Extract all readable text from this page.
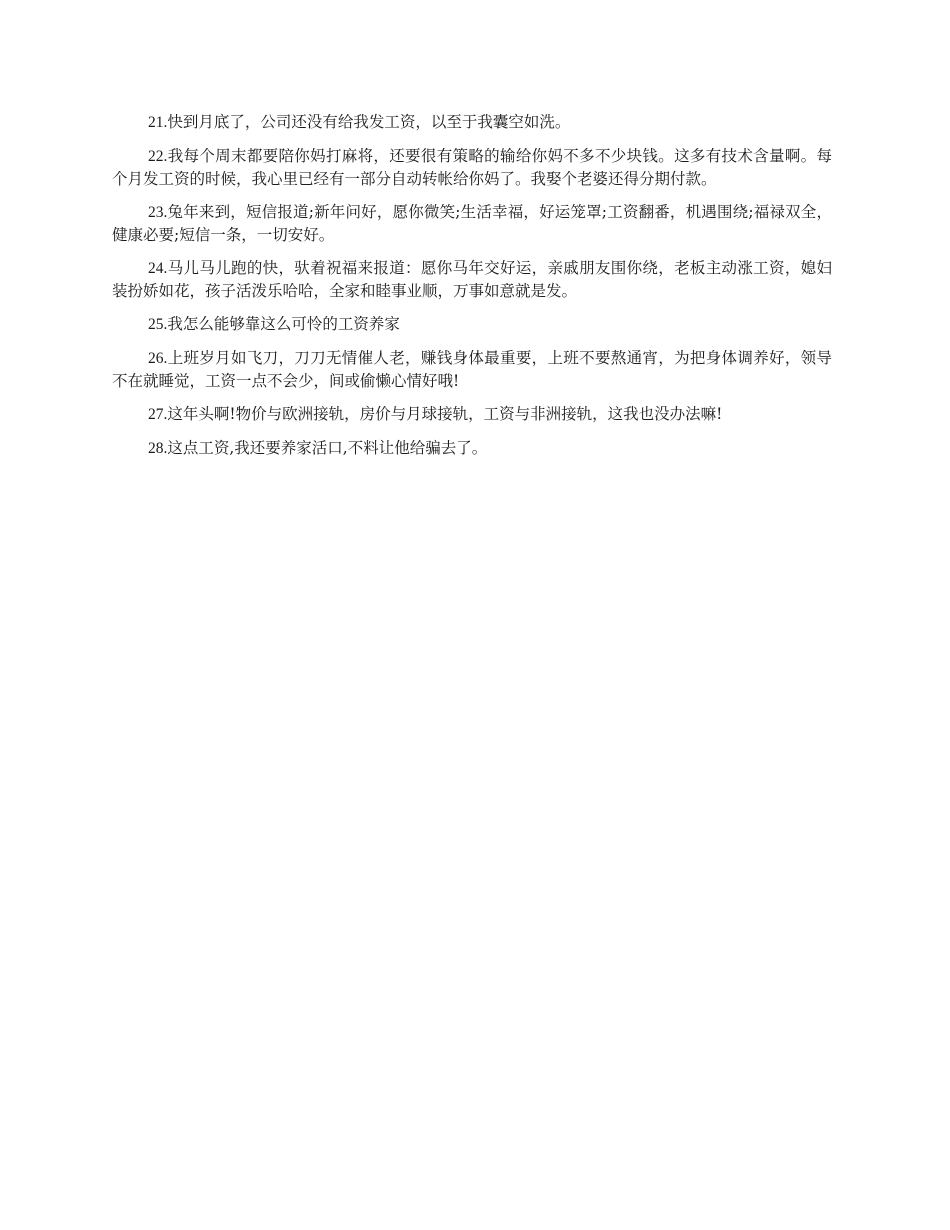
21.快到月底了，公司还没有给我发工资，以至于我囊空如洗。

22.我每个周末都要陪你妈打麻将，还要很有策略的输给你妈不多不少块钱。这多有技术含量啊。每个月发工资的时候，我心里已经有一部分自动转帐给你妈了。我娶个老婆还得分期付款。

23.兔年来到，短信报道;新年问好，愿你微笑;生活幸福，好运笼罩;工资翻番，机遇围绕;福禄双全，健康必要;短信一条，一切安好。

24.马儿马儿跑的快，驮着祝福来报道：愿你马年交好运，亲戚朋友围你绕，老板主动涨工资，媳妇装扮娇如花，孩子活泼乐哈哈，全家和睦事业顺，万事如意就是发。

25.我怎么能够靠这么可怜的工资养家

26.上班岁月如飞刀，刀刀无情催人老，赚钱身体最重要，上班不要熬通宵，为把身体调养好，领导不在就睡觉，工资一点不会少，间或偷懒心情好哦!

27.这年头啊!物价与欧洲接轨，房价与月球接轨，工资与非洲接轨，这我也没办法嘛!

28.这点工资,我还要养家活口,不料让他给骗去了。
